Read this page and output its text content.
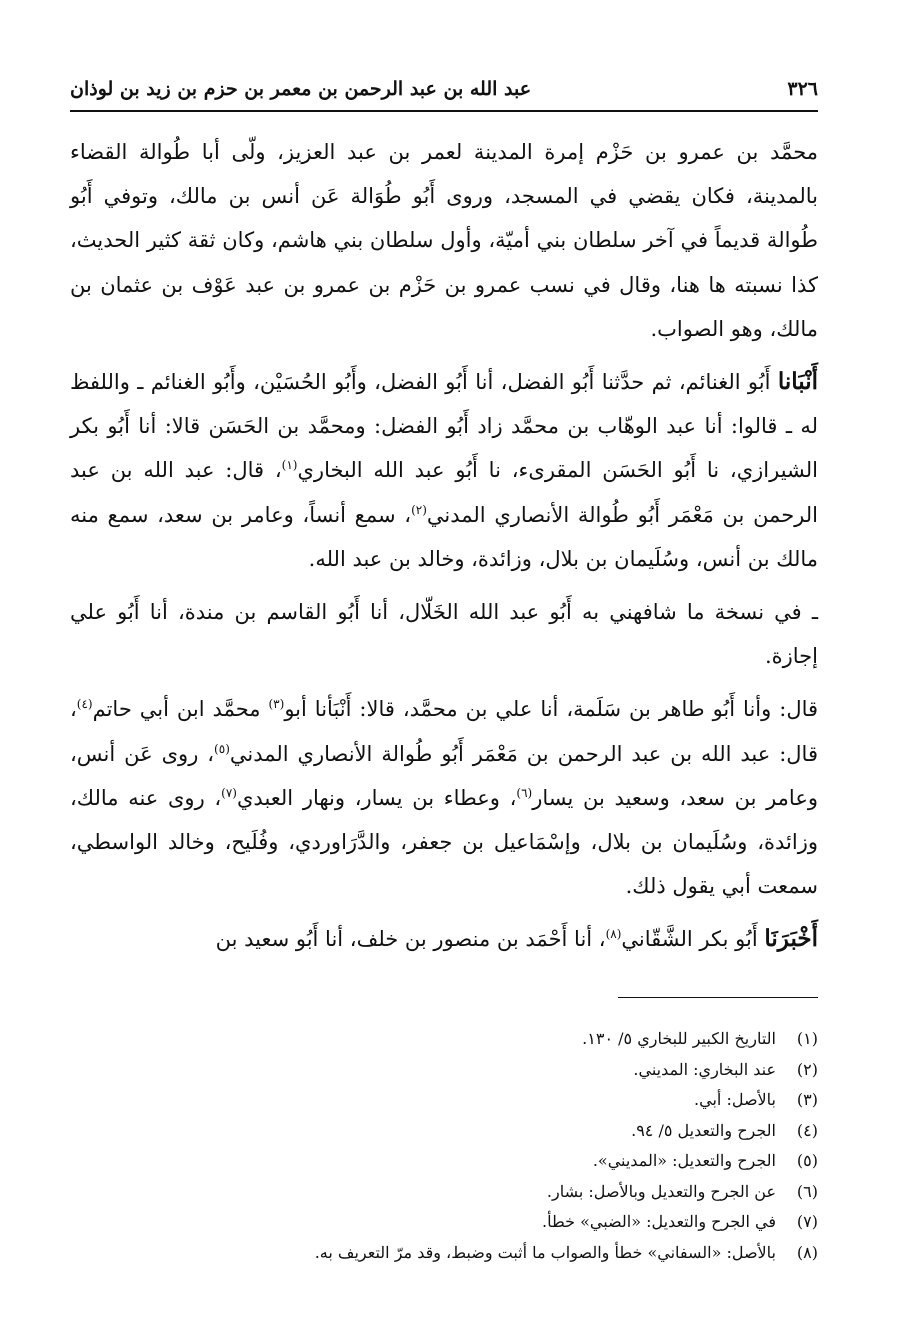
٣٢٦
عبد الله بن عبد الرحمن بن معمر بن حزم بن زيد بن لوذان

محمَّد بن عمرو بن حَزْم إمرة المدينة لعمر بن عبد العزيز، ولّى أبا طُوالة القضاء بالمدينة، فكان يقضي في المسجد، وروى أَبُو طُوَالة عَن أنس بن مالك، وتوفي أَبُو طُوالة قديماً في آخر سلطان بني أميّة، وأول سلطان بني هاشم، وكان ثقة كثير الحديث، كذا نسبته ها هنا، وقال في نسب عمرو بن حَزْم بن عمرو بن عبد عَوْف بن عثمان بن مالك، وهو الصواب.

أَنْبَانا أَبُو الغنائم، ثم حدَّثنا أَبُو الفضل، أنا أَبُو الفضل، وأَبُو الحُسَيْن، وأَبُو الغنائم ـ واللفظ له ـ قالوا: أنا عبد الوهّاب بن محمَّد زاد أَبُو الفضل: ومحمَّد بن الحَسَن قالا: أنا أَبُو بكر الشيرازي، نا أَبُو الحَسَن المقرىء، نا أَبُو عبد الله البخاري$^{(١)}$، قال: عبد الله بن عبد الرحمن بن مَعْمَر أَبُو طُوالة الأنصاري المدني$^{(٢)}$، سمع أنساً، وعامر بن سعد، سمع منه مالك بن أنس، وسُلَيمان بن بلال، وزائدة، وخالد بن عبد الله.

ـ في نسخة ما شافهني به أَبُو عبد الله الخَلّال، أنا أَبُو القاسم بن مندة، أنا أَبُو علي إجازة.

قال: وأنا أَبُو طاهر بن سَلَمة، أنا علي بن محمَّد، قالا: أَنْبَأنا أبو$^{(٣)}$ محمَّد ابن أبي حاتم$^{(٤)}$، قال: عبد الله بن عبد الرحمن بن مَعْمَر أَبُو طُوالة الأنصاري المدني$^{(٥)}$، روى عَن أنس، وعامر بن سعد، وسعيد بن يسار$^{(٦)}$، وعطاء بن يسار، ونهار العبدي$^{(٧)}$، روى عنه مالك، وزائدة، وسُلَيمان بن بلال، وإسْمَاعيل بن جعفر، والدَّرَاوردي، وفُلَيح، وخالد الواسطي، سمعت أبي يقول ذلك.

أَخْبَرَنَا أَبُو بكر الشَّقّاني$^{(٨)}$، أنا أَحْمَد بن منصور بن خلف، أنا أَبُو سعيد بن

(١)
التاريخ الكبير للبخاري ٥/ ١٣٠.
(٢)
عند البخاري: المديني.
(٣)
بالأصل: أبي.
(٤)
الجرح والتعديل ٥/ ٩٤.
(٥)
الجرح والتعديل: «المديني».
(٦)
عن الجرح والتعديل وبالأصل: بشار.
(٧)
في الجرح والتعديل: «الضبي» خطأ.
(٨)
بالأصل: «السفاني» خطأ والصواب ما أثبت وضبط، وقد مرّ التعريف به.
